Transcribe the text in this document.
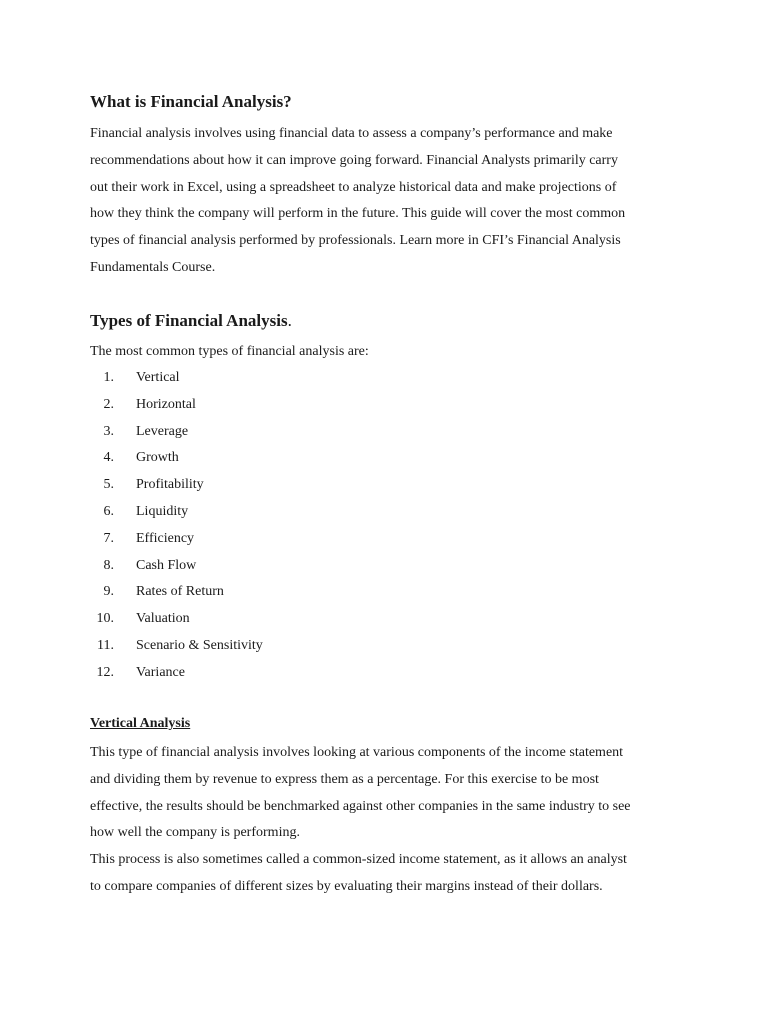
What is Financial Analysis?

Financial analysis involves using financial data to assess a company’s performance and make
recommendations about how it can improve going forward. Financial Analysts primarily carry
out their work in Excel, using a spreadsheet to analyze historical data and make projections of
how they think the company will perform in the future. This guide will cover the most common
types of financial analysis performed by professionals. Learn more in CFI’s Financial Analysis
Fundamentals Course.

Types of Financial Analysis.

The most common types of financial analysis are:

1. Vertical
2. Horizontal
3. Leverage
4. Growth
5. Profitability
6. Liquidity
7. Efficiency
8. Cash Flow
9. Rates of Return
10. Valuation
11. Scenario & Sensitivity
12. Variance
Vertical Analysis

This type of financial analysis involves looking at various components of the income statement
and dividing them by revenue to express them as a percentage. For this exercise to be most
effective, the results should be benchmarked against other companies in the same industry to see
how well the company is performing.

This process is also sometimes called a common-sized income statement, as it allows an analyst
to compare companies of different sizes by evaluating their margins instead of their dollars.
